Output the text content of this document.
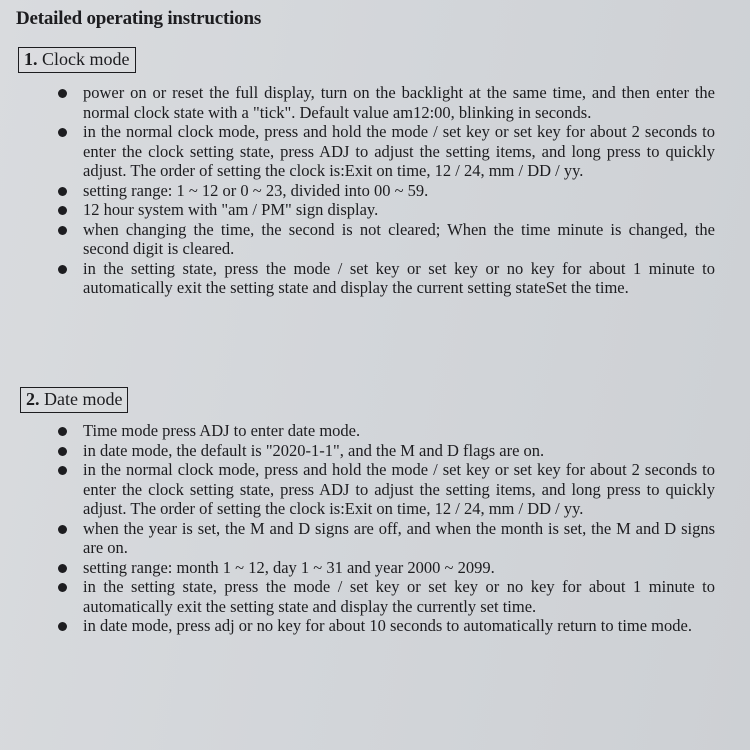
Detailed operating instructions
1. Clock mode
power on or reset the full display, turn on the backlight at the same time, and then enter the normal clock state with a "tick". Default value am12:00, blinking in seconds.
in the normal clock mode, press and hold the mode / set key or set key for about 2 seconds to enter the clock setting state, press ADJ to adjust the setting items, and long press to quickly adjust. The order of setting the clock is:Exit on time, 12 / 24, mm / DD / yy.
setting range: 1 ~ 12 or 0 ~ 23, divided into 00 ~ 59.
12 hour system with "am / PM" sign display.
when changing the time, the second is not cleared; When the time minute is changed, the second digit is cleared.
in the setting state, press the mode / set key or set key or no key for about 1 minute to automatically exit the setting state and display the current setting stateSet the time.
2. Date mode
Time mode press ADJ to enter date mode.
in date mode, the default is "2020-1-1", and the M and D flags are on.
in the normal clock mode, press and hold the mode / set key or set key for about 2 seconds to enter the clock setting state, press ADJ to adjust the setting items, and long press to quickly adjust. The order of setting the clock is:Exit on time, 12 / 24, mm / DD / yy.
when the year is set, the M and D signs are off, and when the month is set, the M and D signs are on.
setting range: month 1 ~ 12, day 1 ~ 31 and year 2000 ~ 2099.
in the setting state, press the mode / set key or set key or no key for about 1 minute to automatically exit the setting state and display the currently set time.
in date mode, press adj or no key for about 10 seconds to automatically return to time mode.
